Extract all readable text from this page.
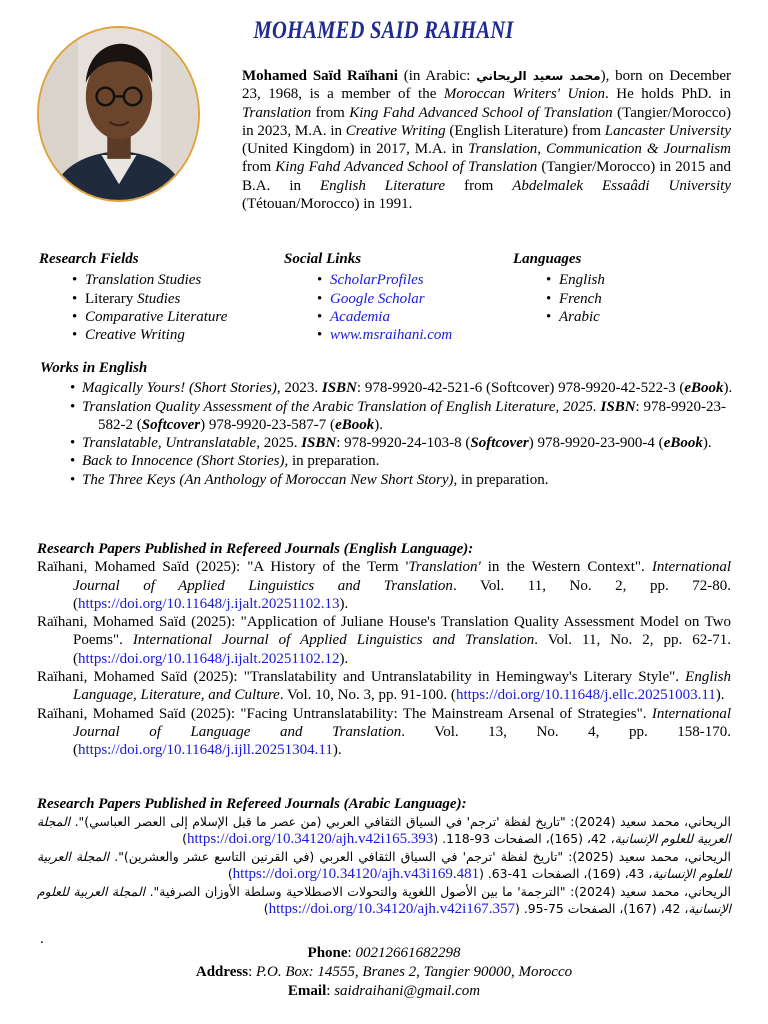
MOHAMED SAID RAIHANI
Mohamed Saïd Raïhani (in Arabic: محمد سعيد الريحاني), born on December 23, 1968, is a member of the Moroccan Writers' Union. He holds PhD. in Translation from King Fahd Advanced School of Translation (Tangier/Morocco) in 2023, M.A. in Creative Writing (English Literature) from Lancaster University (United Kingdom) in 2017, M.A. in Translation, Communication & Journalism from King Fahd Advanced School of Translation (Tangier/Morocco) in 2015 and B.A. in English Literature from Abdelmalek Essaâdi University (Tétouan/Morocco) in 1991.
Research Fields
• Translation Studies
• Literary Studies
• Comparative Literature
• Creative Writing
Social Links
• ScholarProfiles
• Google Scholar
• Academia
• www.msraihani.com
Languages
• English
• French
• Arabic
Works in English
• Magically Yours! (Short Stories), 2023. ISBN: 978-9920-42-521-6 (Softcover) 978-9920-42-522-3 (eBook).
• Translation Quality Assessment of the Arabic Translation of English Literature, 2025. ISBN: 978-9920-23-582-2 (Softcover) 978-9920-23-587-7 (eBook).
• Translatable, Untranslatable, 2025. ISBN: 978-9920-24-103-8 (Softcover) 978-9920-23-900-4 (eBook).
• Back to Innocence (Short Stories), in preparation.
• The Three Keys (An Anthology of Moroccan New Short Story), in preparation.
Research Papers Published in Refereed Journals (English Language):
Raïhani, Mohamed Saïd (2025): "A History of the Term 'Translation' in the Western Context". International Journal of Applied Linguistics and Translation. Vol. 11, No. 2, pp. 72-80. (https://doi.org/10.11648/j.ijalt.20251102.13).
Raïhani, Mohamed Saïd (2025): "Application of Juliane House's Translation Quality Assessment Model on Two Poems". International Journal of Applied Linguistics and Translation. Vol. 11, No. 2, pp. 62-71. (https://doi.org/10.11648/j.ijalt.20251102.12).
Raïhani, Mohamed Saïd (2025): "Translatability and Untranslatability in Hemingway's Literary Style". English Language, Literature, and Culture. Vol. 10, No. 3, pp. 91-100. (https://doi.org/10.11648/j.ellc.20251003.11).
Raïhani, Mohamed Saïd (2025): "Facing Untranslatability: The Mainstream Arsenal of Strategies". International Journal of Language and Translation. Vol. 13, No. 4, pp. 158-170. (https://doi.org/10.11648/j.ijll.20251304.11).
Research Papers Published in Refereed Journals (Arabic Language):
الريحاني، محمد سعيد (2024): "تاريخ لفظة 'ترجم' في السياق الثقافي العربي (من عصر ما قبل الإسلام إلى العصر العباسي)". المجلة العربية للعلوم الإنسانية، 42، (165)، الصفحات 93-118. (https://doi.org/10.34120/ajh.v42i165.393)
الريحاني، محمد سعيد (2025): "تاريخ لفظة 'ترجم' في السياق الثقافي العربي (في القرنين التاسع عشر والعشرين)". المجلة العربية للعلوم الإنسانية، 43، (169)، الصفحات 41-63. (https://doi.org/10.34120/ajh.v43i169.481)
الريحاني، محمد سعيد (2024): "الترجمة' ما بين الأصول اللغوية والتحولات الاصطلاحية وسلطة الأوزان الصرفية". المجلة العربية للعلوم الإنسانية، 42، (167)، الصفحات 75-95. (https://doi.org/10.34120/ajh.v42i167.357)
.
Phone: 00212661682298
Address: P.O. Box: 14555, Branes 2, Tangier 90000, Morocco
Email: saidraihani@gmail.com
